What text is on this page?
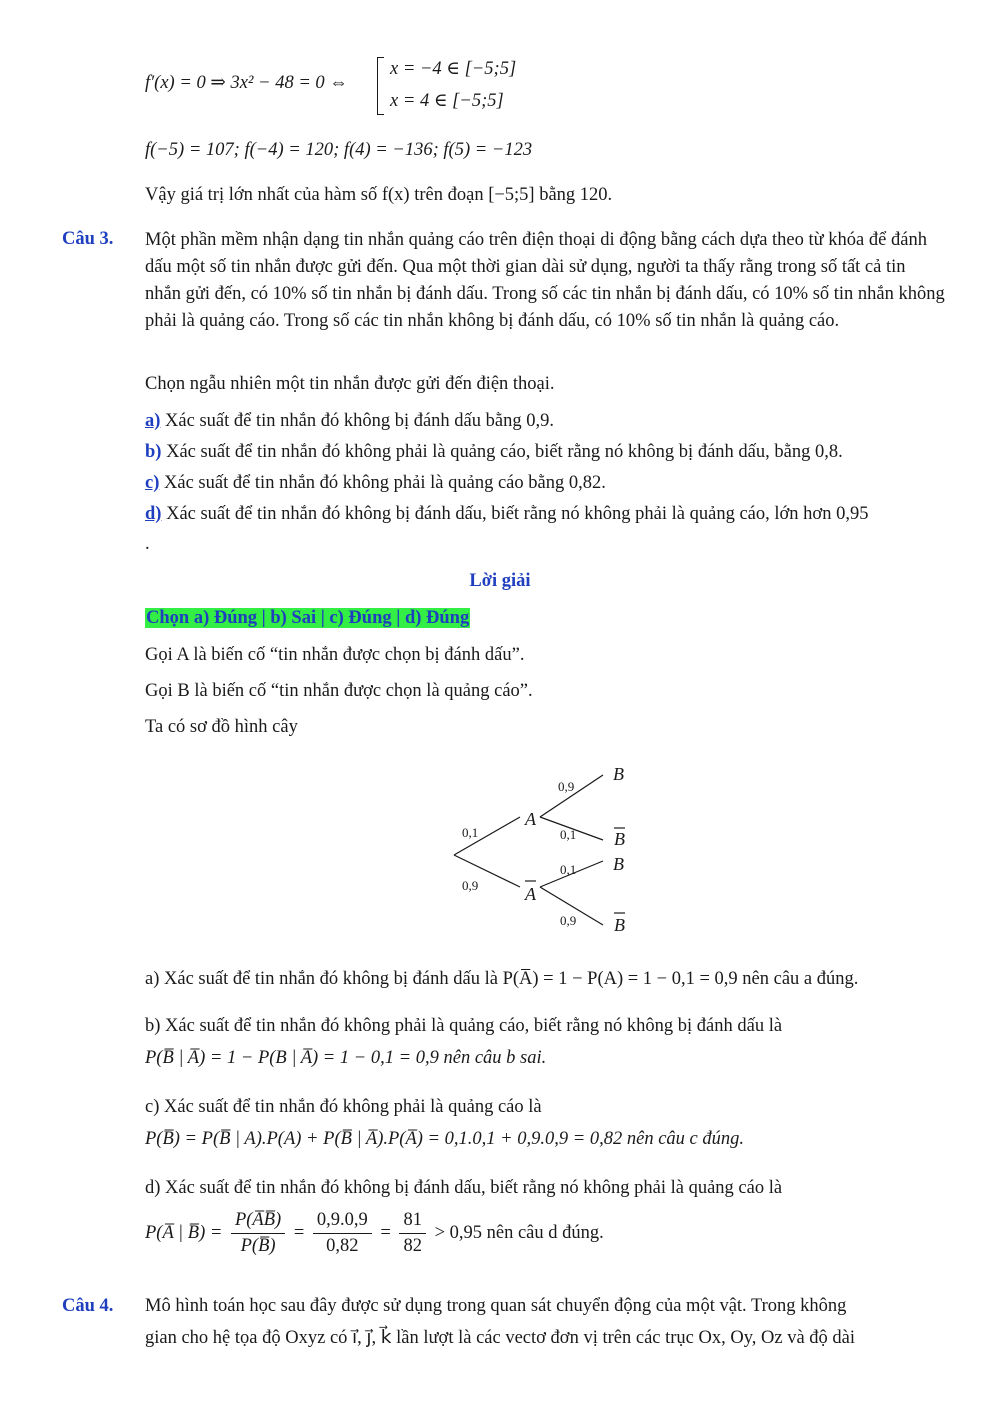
f′(x) = 0 ⇒ 3x² − 48 = 0 ⇔
x = −4 ∈ [−5;5]
x = 4 ∈ [−5;5]
f(−5) = 107; f(−4) = 120; f(4) = −136; f(5) = −123
Vậy giá trị lớn nhất của hàm số f(x) trên đoạn [−5;5] bằng 120.
Câu 3. Một phần mềm nhận dạng tin nhắn quảng cáo trên điện thoại di động bằng cách dựa theo từ khóa để đánh dấu một số tin nhắn được gửi đến. Qua một thời gian dài sử dụng, người ta thấy rằng trong số tất cả tin nhắn gửi đến, có 10% số tin nhắn bị đánh dấu. Trong số các tin nhắn bị đánh dấu, có 10% số tin nhắn không phải là quảng cáo. Trong số các tin nhắn không bị đánh dấu, có 10% số tin nhắn là quảng cáo.
Chọn ngẫu nhiên một tin nhắn được gửi đến điện thoại.
a) Xác suất để tin nhắn đó không bị đánh dấu bằng 0,9.
b) Xác suất để tin nhắn đó không phải là quảng cáo, biết rằng nó không bị đánh dấu, bằng 0,8.
c) Xác suất để tin nhắn đó không phải là quảng cáo bằng 0,82.
d) Xác suất để tin nhắn đó không bị đánh dấu, biết rằng nó không phải là quảng cáo, lớn hơn 0,95
.
Lời giải
Chọn a) Đúng | b) Sai | c) Đúng | d) Đúng
Gọi A là biến cố “tin nhắn được chọn bị đánh dấu”.
Gọi B là biến cố “tin nhắn được chọn là quảng cáo”.
Ta có sơ đồ hình cây
A
A
B
B
B
B
0,1
0,9
0,9
0,1
0,1
0,9
a) Xác suất để tin nhắn đó không bị đánh dấu là P(A̅) = 1 − P(A) = 1 − 0,1 = 0,9 nên câu a đúng.
b) Xác suất để tin nhắn đó không phải là quảng cáo, biết rằng nó không bị đánh dấu là
P(B̅ | A̅) = 1 − P(B | A̅) = 1 − 0,1 = 0,9 nên câu b sai.
c) Xác suất để tin nhắn đó không phải là quảng cáo là
P(B̅) = P(B̅ | A).P(A) + P(B̅ | A̅).P(A̅) = 0,1.0,1 + 0,9.0,9 = 0,82 nên câu c đúng.
d) Xác suất để tin nhắn đó không bị đánh dấu, biết rằng nó không phải là quảng cáo là
P(A̅ | B̅) = $\frac{P(A̅B̅)}{P(B̅)} = \frac{0,9.0,9}{0,82} = \frac{81}{82} > 0,95$ nên câu d đúng.
Câu 4. Mô hình toán học sau đây được sử dụng trong quan sát chuyển động của một vật. Trong không
gian cho hệ tọa độ Oxyz có i⃗, j⃗, k⃗ lần lượt là các vectơ đơn vị trên các trục Ox, Oy, Oz và độ dài
